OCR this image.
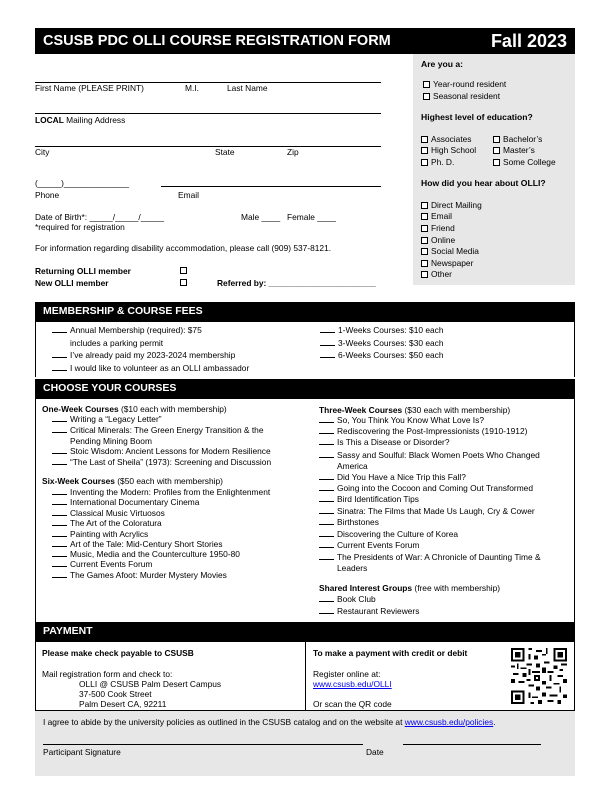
CSUSB PDC OLLI COURSE REGISTRATION FORM	Fall 2023
First Name (PLEASE PRINT)	M.I.	Last Name
LOCAL Mailing Address
City	State	Zip
(_____)______________
Phone	Email
Date of Birth*: _____/_____/_____	Male ____ Female ____
*required for registration
For information regarding disability accommodation, please call (909) 537-8121.
Returning OLLI member
New OLLI member	Referred by: _______________________
Are you a:
Year-round resident
Seasonal resident
Highest level of education?
Associates	Bachelor’s
High School	Master’s
Ph. D.	Some College
How did you hear about OLLI?
Direct Mailing
Email
Friend
Online
Social Media
Newspaper
Other
MEMBERSHIP & COURSE FEES
Annual Membership (required): $75
includes a parking permit
I’ve already paid my 2023-2024 membership
I would like to volunteer as an OLLI ambassador
1-Weeks Courses: $10 each
3-Weeks Courses: $30 each
6-Weeks Courses: $50 each
CHOOSE YOUR COURSES
One-Week Courses ($10 each with membership)
Writing a “Legacy Letter”
Critical Minerals: The Green Energy Transition & the Pending Mining Boom
Stoic Wisdom: Ancient Lessons for Modern Resilience
“The Last of Sheila” (1973): Screening and Discussion
Six-Week Courses ($50 each with membership)
Inventing the Modern: Profiles from the Enlightenment
International Documentary Cinema
Classical Music Virtuosos
The Art of the Coloratura
Painting with Acrylics
Art of the Tale: Mid-Century Short Stories
Music, Media and the Counterculture 1950-80
Current Events Forum
The Games Afoot: Murder Mystery Movies
Three-Week Courses ($30 each with membership)
So, You Think You Know What Love Is?
Rediscovering the Post-Impressionists (1910-1912)
Is This a Disease or Disorder?
Sassy and Soulful: Black Women Poets Who Changed America
Did You Have a Nice Trip this Fall?
Going into the Cocoon and Coming Out Transformed
Bird Identification Tips
Sinatra: The Films that Made Us Laugh, Cry & Cower
Birthstones
Discovering the Culture of Korea
Current Events Forum
The Presidents of War: A Chronicle of Daunting Time & Leaders
Shared Interest Groups (free with membership)
Book Club
Restaurant Reviewers
PAYMENT
Please make check payable to CSUSB
Mail registration form and check to:
OLLI @ CSUSB Palm Desert Campus
37-500 Cook Street
Palm Desert CA, 92211
To make a payment with credit or debit
Register online at:
www.csusb.edu/OLLI
Or scan the QR code
I agree to abide by the university policies as outlined in the CSUSB catalog and on the website at www.csusb.edu/policies.
Participant Signature	Date
